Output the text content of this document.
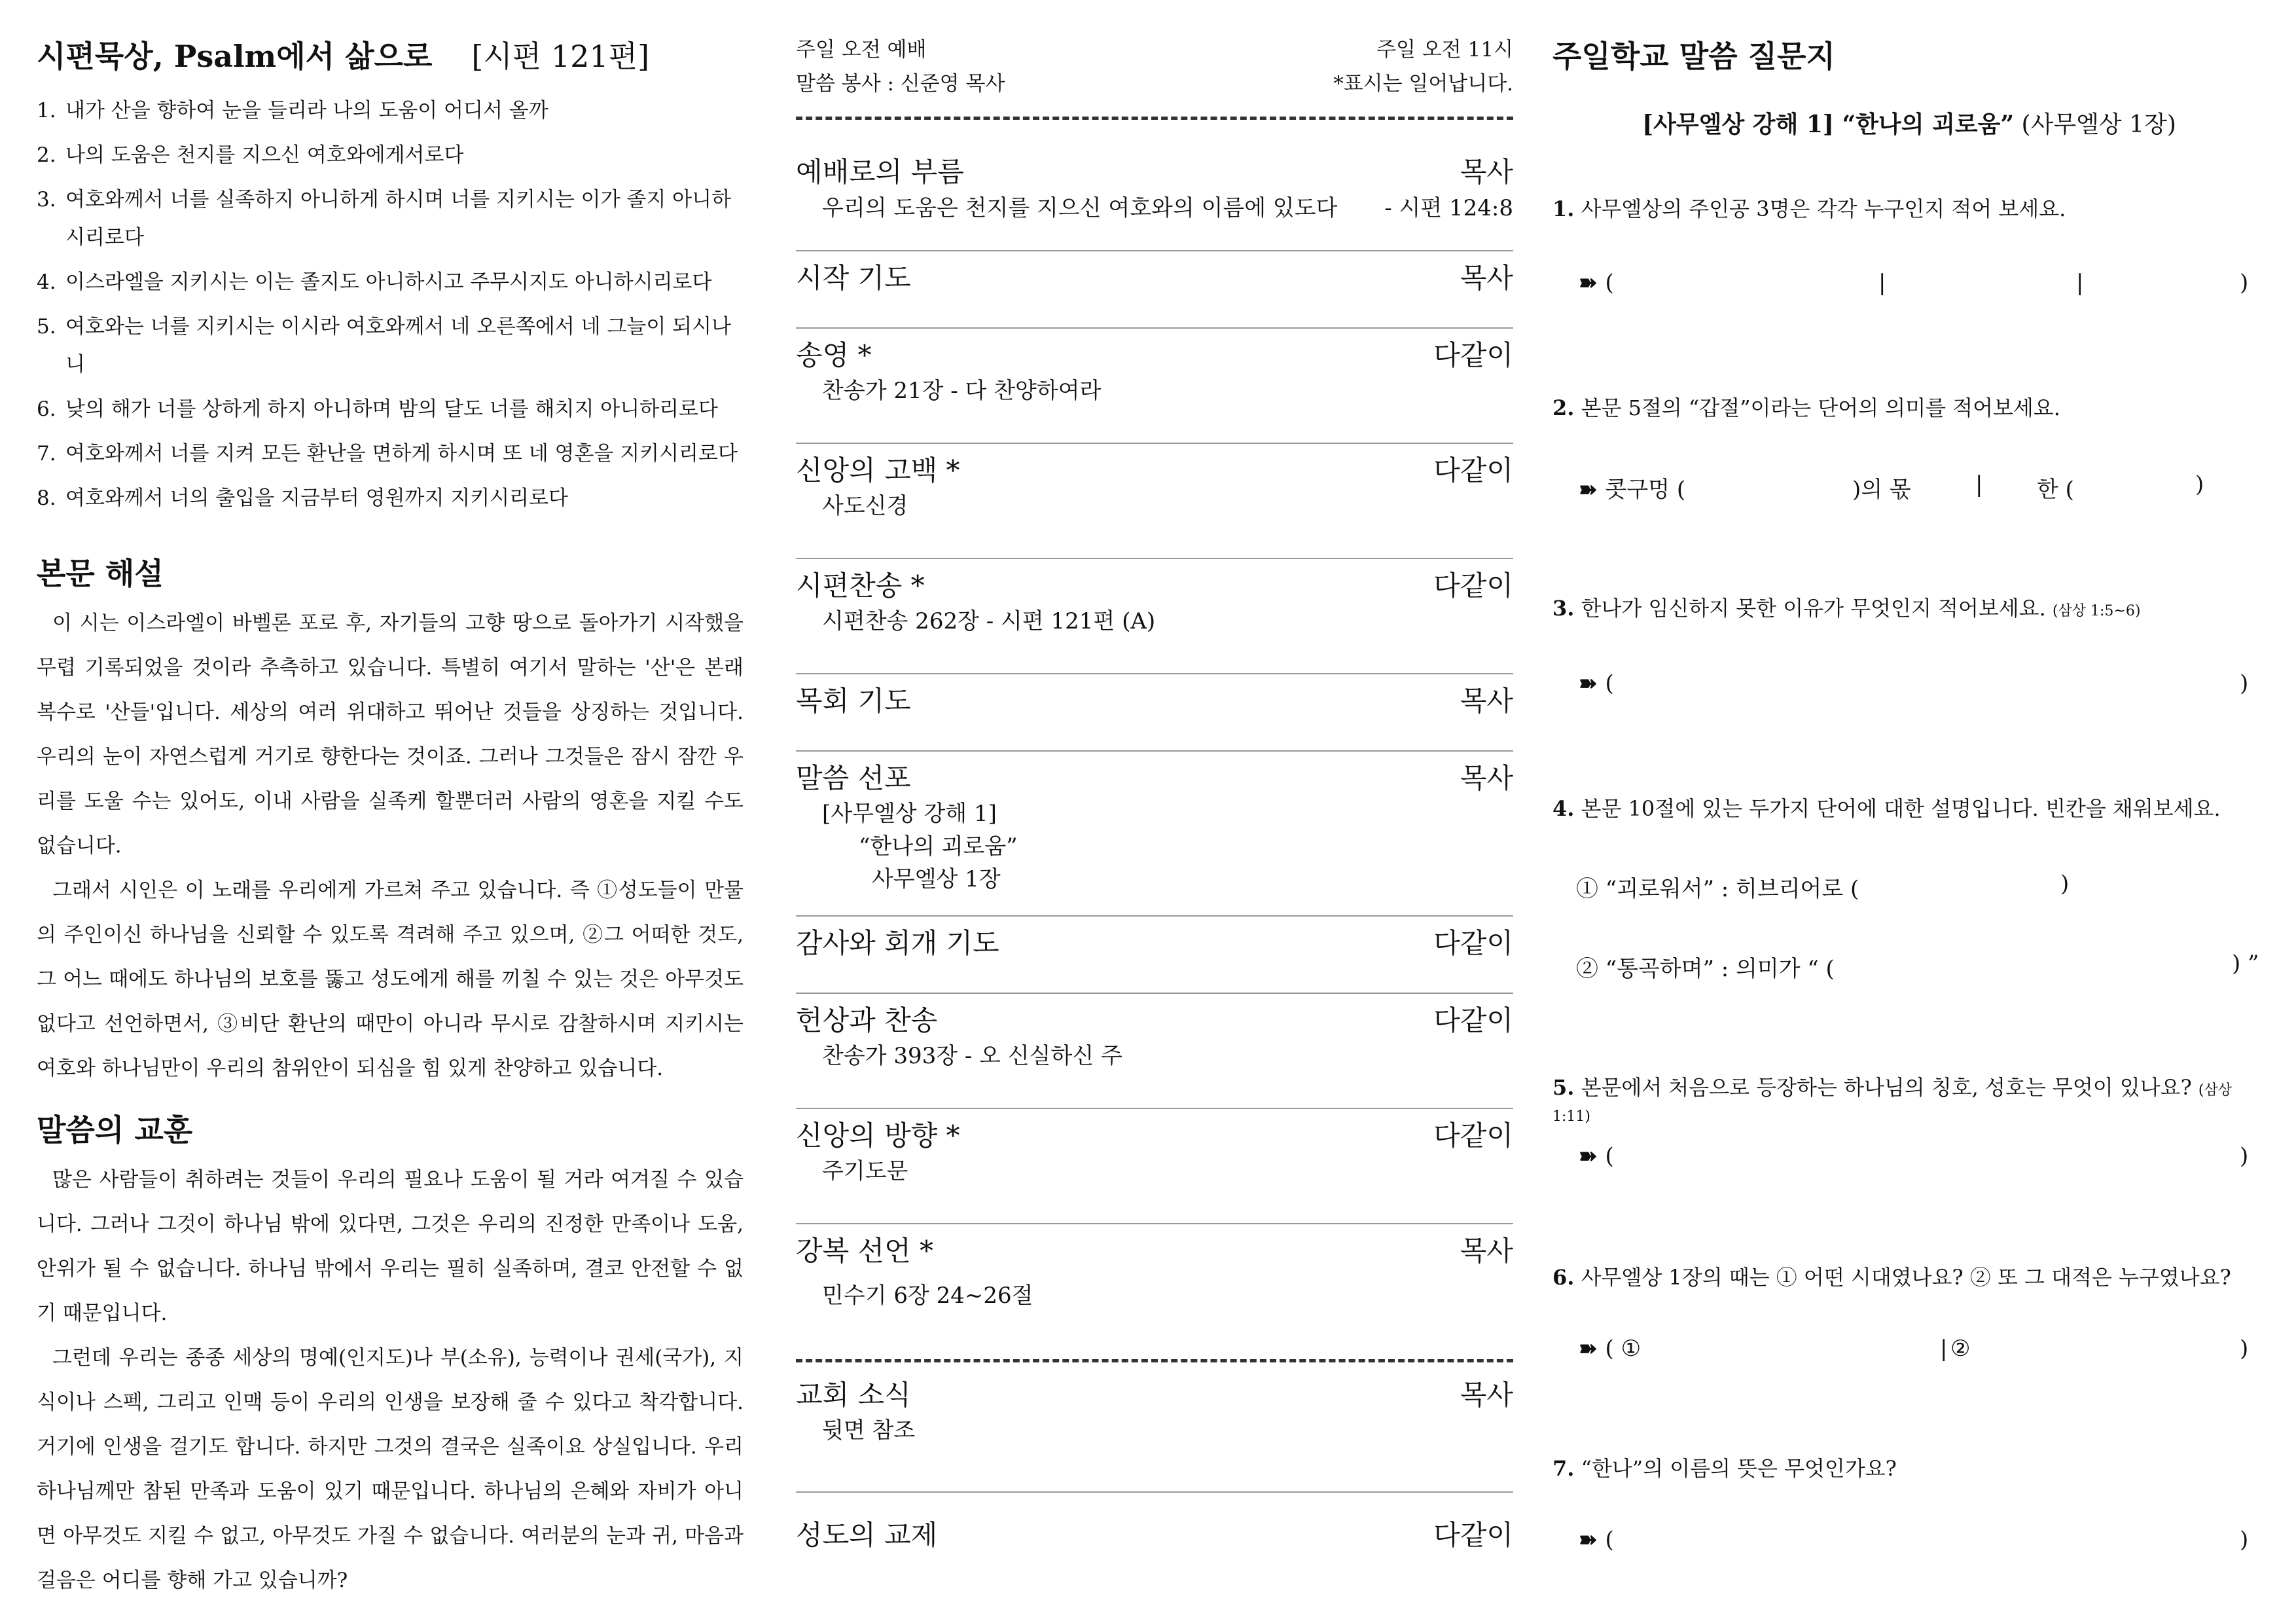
시편묵상, Psalm에서 삶으로 [시편 121편]
1. 내가 산을 향하여 눈을 들리라 나의 도움이 어디서 올까
2. 나의 도움은 천지를 지으신 여호와에게서로다
3. 여호와께서 너를 실족하지 아니하게 하시며 너를 지키시는 이가 졸지 아니하시리로다
4. 이스라엘을 지키시는 이는 졸지도 아니하시고 주무시지도 아니하시리로다
5. 여호와는 너를 지키시는 이시라 여호와께서 네 오른쪽에서 네 그늘이 되시나니
6. 낮의 해가 너를 상하게 하지 아니하며 밤의 달도 너를 해치지 아니하리로다
7. 여호와께서 너를 지켜 모든 환난을 면하게 하시며 또 네 영혼을 지키시리로다
8. 여호와께서 너의 출입을 지금부터 영원까지 지키시리로다
본문 해설

이 시는 이스라엘이 바벨론 포로 후, 자기들의 고향 땅으로 돌아가기 시작했을 무렵 기록되었을 것이라 추측하고 있습니다. 특별히 여기서 말하는 '산'은 본래 복수로 '산들'입니다. 세상의 여러 위대하고 뛰어난 것들을 상징하는 것입니다. 우리의 눈이 자연스럽게 거기로 향한다는 것이죠. 그러나 그것들은 잠시 잠깐 우리를 도울 수는 있어도, 이내 사람을 실족케 할뿐더러 사람의 영혼을 지킬 수도 없습니다.

그래서 시인은 이 노래를 우리에게 가르쳐 주고 있습니다. 즉 ①성도들이 만물의 주인이신 하나님을 신뢰할 수 있도록 격려해 주고 있으며, ②그 어떠한 것도, 그 어느 때에도 하나님의 보호를 뚫고 성도에게 해를 끼칠 수 있는 것은 아무것도 없다고 선언하면서, ③비단 환난의 때만이 아니라 무시로 감찰하시며 지키시는 여호와 하나님만이 우리의 참위안이 되심을 힘 있게 찬양하고 있습니다.

말씀의 교훈

많은 사람들이 취하려는 것들이 우리의 필요나 도움이 될 거라 여겨질 수 있습니다. 그러나 그것이 하나님 밖에 있다면, 그것은 우리의 진정한 만족이나 도움, 안위가 될 수 없습니다. 하나님 밖에서 우리는 필히 실족하며, 결코 안전할 수 없기 때문입니다.

그런데 우리는 종종 세상의 명예(인지도)나 부(소유), 능력이나 권세(국가), 지식이나 스펙, 그리고 인맥 등이 우리의 인생을 보장해 줄 수 있다고 착각합니다. 거기에 인생을 걸기도 합니다. 하지만 그것의 결국은 실족이요 상실입니다. 우리 하나님께만 참된 만족과 도움이 있기 때문입니다. 하나님의 은혜와 자비가 아니면 아무것도 지킬 수 없고, 아무것도 가질 수 없습니다. 여러분의 눈과 귀, 마음과 걸음은 어디를 향해 가고 있습니까?

주일 오전 예배	주일 오전 11시
말씀 봉사 : 신준영 목사	*표시는 일어납니다.
예배로의 부름	목사
우리의 도움은 천지를 지으신 여호와의 이름에 있도다 - 시편 124:8
시작 기도	목사
송영 *	다같이
찬송가 21장 - 다 찬양하여라
신앙의 고백 *	다같이
사도신경
시편찬송 *	다같이
시편찬송 262장 - 시편 121편 (A)
목회 기도	목사
말씀 선포	목사
[사무엘상 강해 1]
“한나의 괴로움”
사무엘상 1장
감사와 회개 기도	다같이
헌상과 찬송	다같이
찬송가 393장 - 오 신실하신 주
신앙의 방향 *	다같이
주기도문
강복 선언 *	목사
민수기 6장 24~26절
교회 소식	목사
뒷면 참조
성도의 교제	다같이
주일학교 말씀 질문지
[사무엘상 강해 1] “한나의 괴로움” (사무엘상 1장)
1. 사무엘상의 주인공 3명은 각각 누구인지 적어 보세요.
➽ (	|	|	)
2. 본문 5절의 “갑절”이라는 단어의 의미를 적어보세요.
➽ 콧구멍 (	)의 몫	| 한 (	)
3. 한나가 임신하지 못한 이유가 무엇인지 적어보세요. (삼상 1:5~6)
➽ (	)
4. 본문 10절에 있는 두가지 단어에 대한 설명입니다. 빈칸을 채워보세요.
① “괴로워서” : 히브리어로 (	)
② “통곡하며” : 의미가 “ (	) ”
5. 본문에서 처음으로 등장하는 하나님의 칭호, 성호는 무엇이 있나요? (삼상 1:11)
➽ (	)
6. 사무엘상 1장의 때는 ① 어떤 시대였나요? ② 또 그 대적은 누구였나요?
➽ ( ①	| ②	)
7. “한나”의 이름의 뜻은 무엇인가요?
➽ (	)
